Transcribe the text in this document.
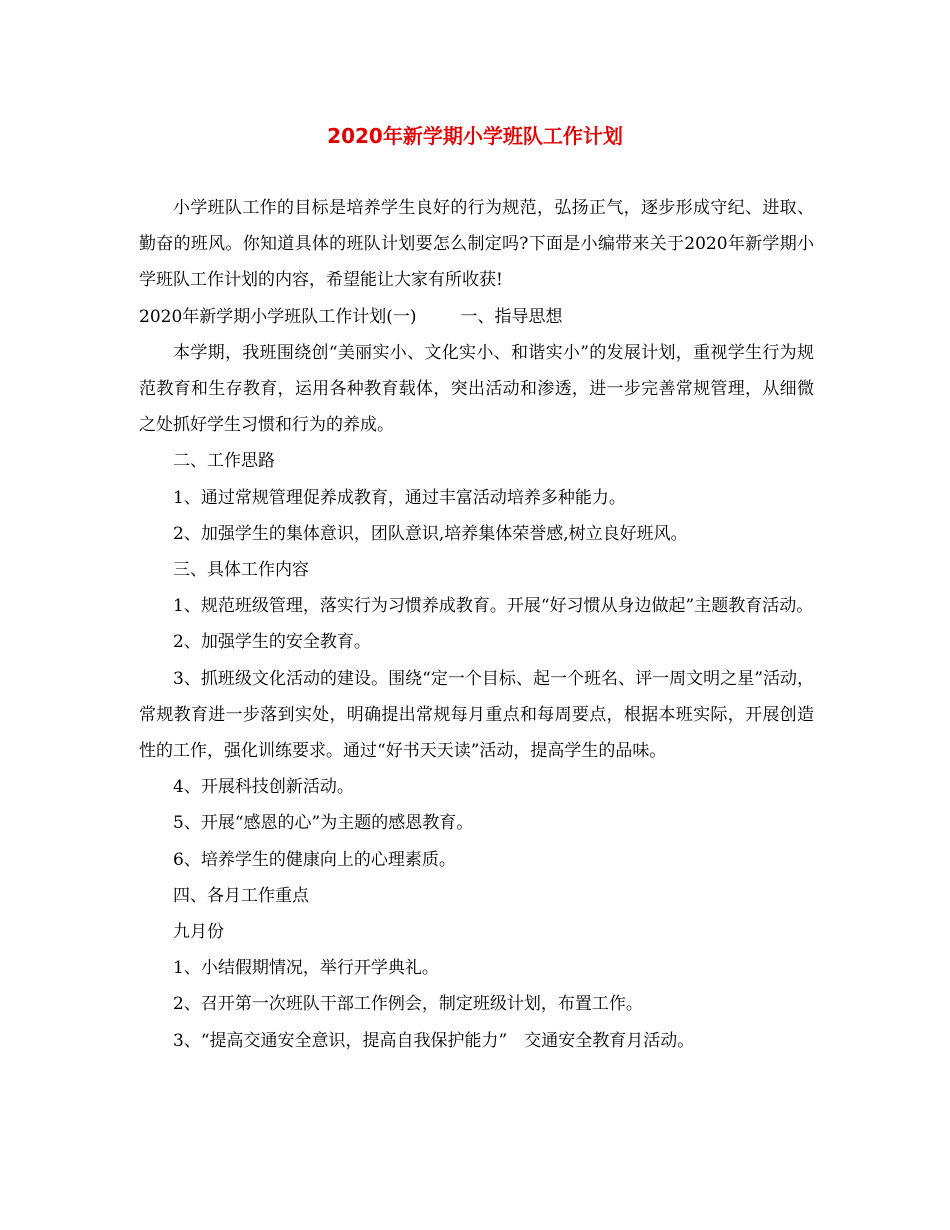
2020年新学期小学班队工作计划

小学班队工作的目标是培养学生良好的行为规范，弘扬正气，逐步形成守纪、进取、勤奋的班风。你知道具体的班队计划要怎么制定吗?下面是小编带来关于2020年新学期小学班队工作计划的内容，希望能让大家有所收获!

2020年新学期小学班队工作计划(一)	一、指导思想

本学期，我班围绕创“美丽实小、文化实小、和谐实小”的发展计划，重视学生行为规范教育和生存教育，运用各种教育载体，突出活动和渗透，进一步完善常规管理，从细微之处抓好学生习惯和行为的养成。

二、工作思路

1、通过常规管理促养成教育，通过丰富活动培养多种能力。

2、加强学生的集体意识，团队意识,培养集体荣誉感,树立良好班风。

三、具体工作内容

1、规范班级管理，落实行为习惯养成教育。开展“好习惯从身边做起”主题教育活动。

2、加强学生的安全教育。

3、抓班级文化活动的建设。围绕“定一个目标、起一个班名、评一周文明之星”活动，常规教育进一步落到实处，明确提出常规每月重点和每周要点，根据本班实际，开展创造性的工作，强化训练要求。通过“好书天天读”活动，提高学生的品味。

4、开展科技创新活动。

5、开展“感恩的心”为主题的感恩教育。

6、培养学生的健康向上的心理素质。

四、各月工作重点

九月份

1、小结假期情况，举行开学典礼。

2、召开第一次班队干部工作例会，制定班级计划，布置工作。

3、“提高交通安全意识，提高自我保护能力”　交通安全教育月活动。
